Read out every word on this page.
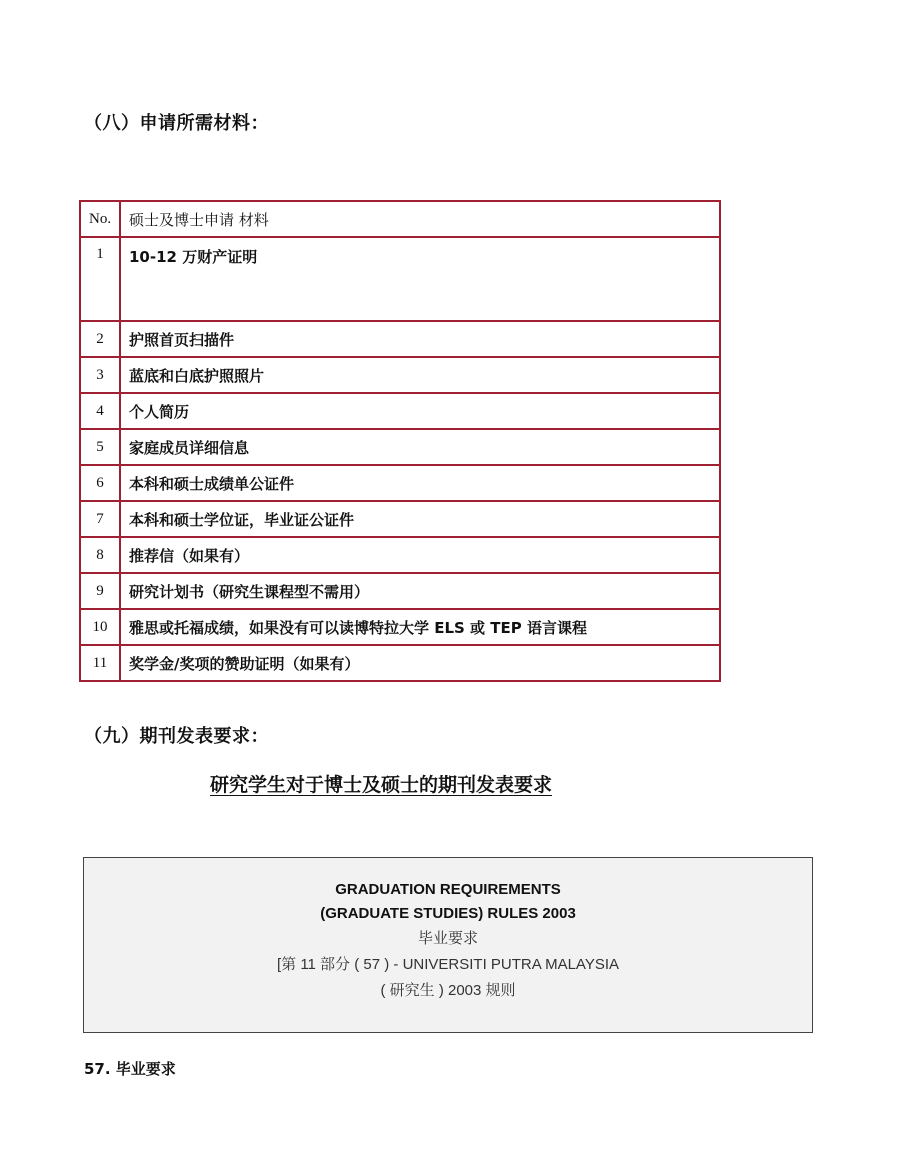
（八）申请所需材料：
No.	硕士及博士申请 材料
1	10-12 万财产证明
2	护照首页扫描件
3	蓝底和白底护照照片
4	个人简历
5	家庭成员详细信息
6	本科和硕士成绩单公证件
7	本科和硕士学位证，毕业证公证件
8	推荐信（如果有）
9	研究计划书（研究生课程型不需用）
10	雅思或托福成绩，如果没有可以读博特拉大学 ELS 或 TEP 语言课程
11	奖学金/奖项的赞助证明（如果有）
（九）期刊发表要求：
研究学生对于博士及硕士的期刊发表要求
GRADUATION REQUIREMENTS
(GRADUATE STUDIES) RULES 2003
毕业要求
[第 11 部分 ( 57 ) - UNIVERSITI PUTRA MALAYSIA
( 研究生 ) 2003 规则
57. 毕业要求
